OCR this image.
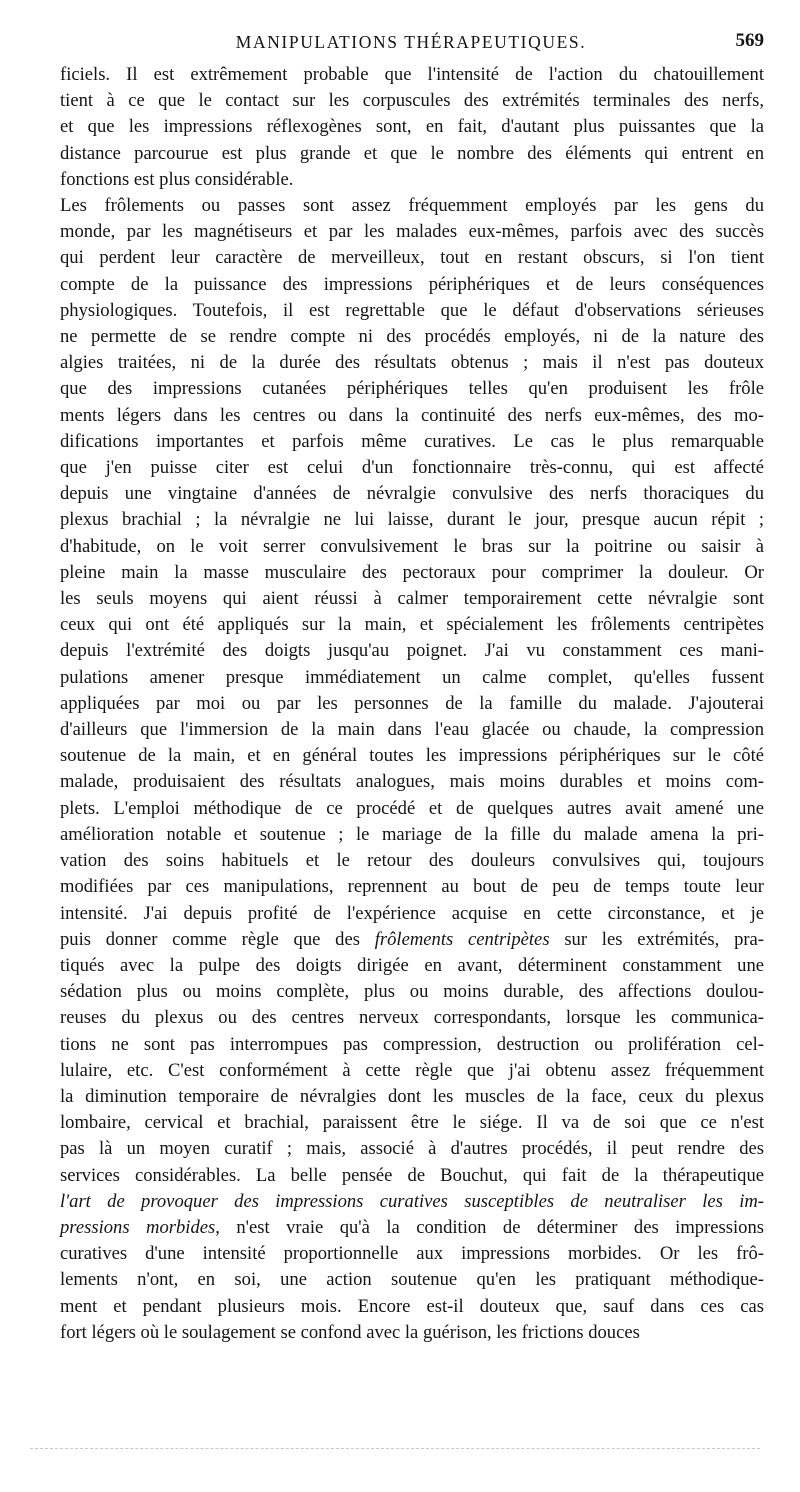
MANIPULATIONS THÉRAPEUTIQUES.	569

ficiels. Il est extrêmement probable que l'intensité de l'action du chatouillement
tient à ce que le contact sur les corpuscules des extrémités terminales des nerfs,
et que les impressions réflexogènes sont, en fait, d'autant plus puissantes que la
distance parcourue est plus grande et que le nombre des éléments qui entrent en
fonctions est plus considérable.

Les frôlements ou passes sont assez fréquemment employés par les gens du
monde, par les magnétiseurs et par les malades eux-mêmes, parfois avec des succès
qui perdent leur caractère de merveilleux, tout en restant obscurs, si l'on tient
compte de la puissance des impressions périphériques et de leurs conséquences
physiologiques. Toutefois, il est regrettable que le défaut d'observations sérieuses
ne permette de se rendre compte ni des procédés employés, ni de la nature des
algies traitées, ni de la durée des résultats obtenus ; mais il n'est pas douteux
que des impressions cutanées périphériques telles qu'en produisent les frôle
ments légers dans les centres ou dans la continuité des nerfs eux-mêmes, des mo-
difications importantes et parfois même curatives. Le cas le plus remarquable
que j'en puisse citer est celui d'un fonctionnaire très-connu, qui est affecté
depuis une vingtaine d'années de névralgie convulsive des nerfs thoraciques du
plexus brachial ; la névralgie ne lui laisse, durant le jour, presque aucun répit ;
d'habitude, on le voit serrer convulsivement le bras sur la poitrine ou saisir à
pleine main la masse musculaire des pectoraux pour comprimer la douleur. Or
les seuls moyens qui aient réussi à calmer temporairement cette névralgie sont
ceux qui ont été appliqués sur la main, et spécialement les frôlements centripètes
depuis l'extrémité des doigts jusqu'au poignet. J'ai vu constamment ces mani-
pulations amener presque immédiatement un calme complet, qu'elles fussent
appliquées par moi ou par les personnes de la famille du malade. J'ajouterai
d'ailleurs que l'immersion de la main dans l'eau glacée ou chaude, la compression
soutenue de la main, et en général toutes les impressions périphériques sur le côté
malade, produisaient des résultats analogues, mais moins durables et moins com-
plets. L'emploi méthodique de ce procédé et de quelques autres avait amené une
amélioration notable et soutenue ; le mariage de la fille du malade amena la pri-
vation des soins habituels et le retour des douleurs convulsives qui, toujours
modifiées par ces manipulations, reprennent au bout de peu de temps toute leur
intensité. J'ai depuis profité de l'expérience acquise en cette circonstance, et je
puis donner comme règle que des frôlements centripètes sur les extrémités, pra-
tiqués avec la pulpe des doigts dirigée en avant, déterminent constamment une
sédation plus ou moins complète, plus ou moins durable, des affections doulou-
reuses du plexus ou des centres nerveux correspondants, lorsque les communica-
tions ne sont pas interrompues pas compression, destruction ou prolifération cel-
lulaire, etc. C'est conformément à cette règle que j'ai obtenu assez fréquemment
la diminution temporaire de névralgies dont les muscles de la face, ceux du plexus
lombaire, cervical et brachial, paraissent être le siége. Il va de soi que ce n'est
pas là un moyen curatif ; mais, associé à d'autres procédés, il peut rendre des
services considérables. La belle pensée de Bouchut, qui fait de la thérapeutique
l'art de provoquer des impressions curatives susceptibles de neutraliser les im-
pressions morbides, n'est vraie qu'à la condition de déterminer des impressions
curatives d'une intensité proportionnelle aux impressions morbides. Or les frô-
lements n'ont, en soi, une action soutenue qu'en les pratiquant méthodique-
ment et pendant plusieurs mois. Encore est-il douteux que, sauf dans ces cas
fort légers où le soulagement se confond avec la guérison, les frictions douces
